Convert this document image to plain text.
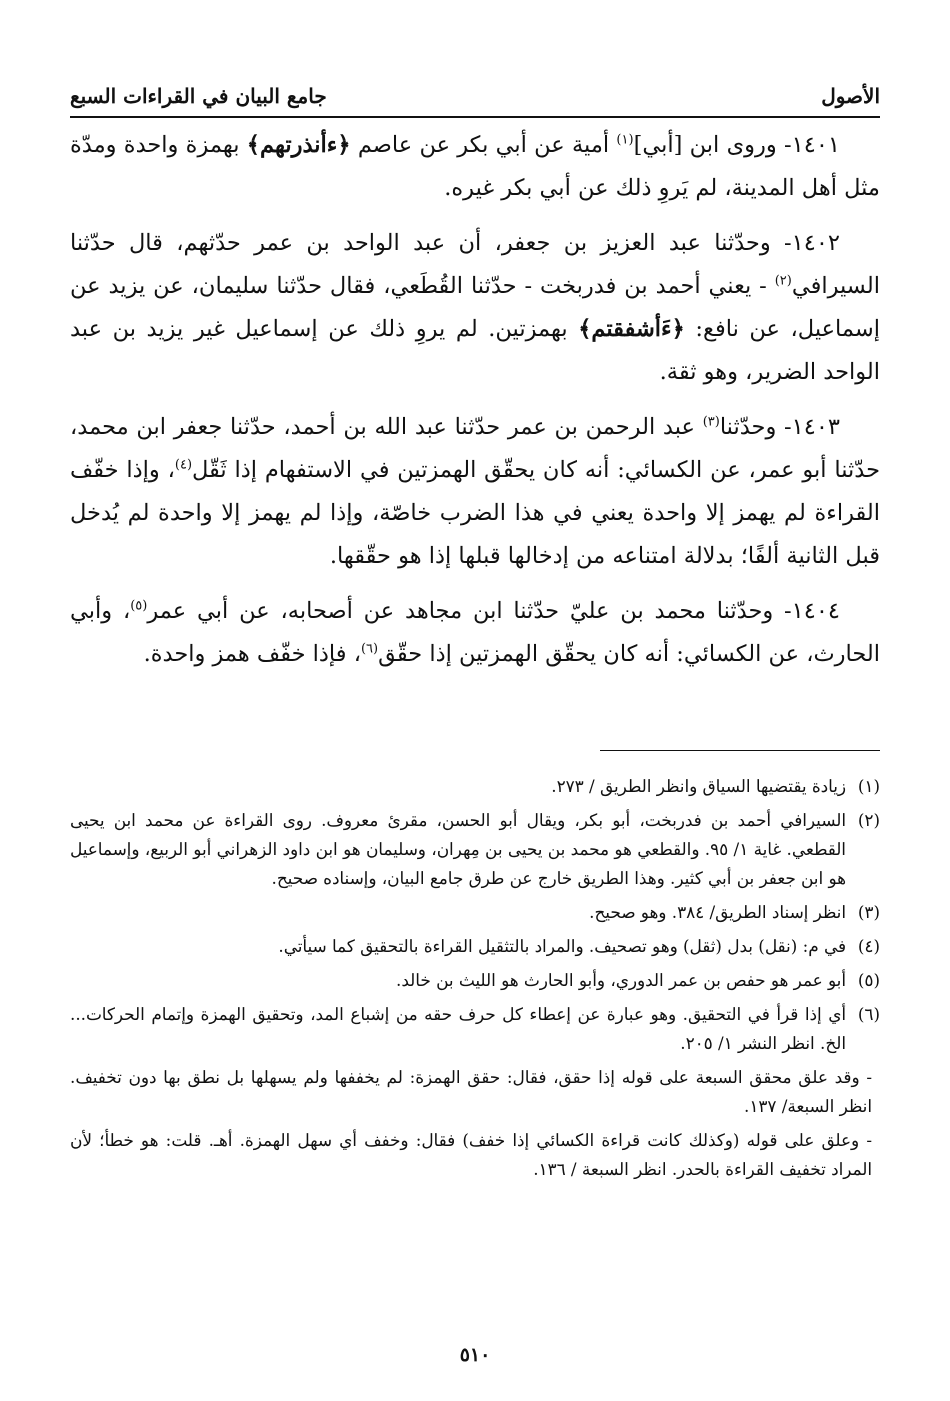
الأصول
جامع البيان في القراءات السبع

١٤٠١- وروى ابن [أبي]$^{(١)}$ أمية عن أبي بكر عن عاصم ﴿ءأنذرتهم﴾ بهمزة واحدة ومدّة مثل أهل المدينة، لم يَروِ ذلك عن أبي بكر غيره.

١٤٠٢- وحدّثنا عبد العزيز بن جعفر، أن عبد الواحد بن عمر حدّثهم، قال حدّثنا السيرافي$^{(٢)}$ - يعني أحمد بن فدربخت - حدّثنا القُطَعي، فقال حدّثنا سليمان، عن يزيد عن إسماعيل، عن نافع: ﴿ءَأشفقتم﴾ بهمزتين. لم يروِ ذلك عن إسماعيل غير يزيد بن عبد الواحد الضرير، وهو ثقة.

١٤٠٣- وحدّثنا$^{(٣)}$ عبد الرحمن بن عمر حدّثنا عبد الله بن أحمد، حدّثنا جعفر ابن محمد، حدّثنا أبو عمر، عن الكسائي: أنه كان يحقّق الهمزتين في الاستفهام إذا ثَقّل$^{(٤)}$، وإذا خفّف القراءة لم يهمز إلا واحدة يعني في هذا الضرب خاصّة، وإذا لم يهمز إلا واحدة لم يُدخل قبل الثانية ألفًا؛ بدلالة امتناعه من إدخالها قبلها إذا هو حقّقها.

١٤٠٤- وحدّثنا محمد بن عليّ حدّثنا ابن مجاهد عن أصحابه، عن أبي عمر$^{(٥)}$، وأبي الحارث، عن الكسائي: أنه كان يحقّق الهمزتين إذا حقّق$^{(٦)}$، فإذا خفّف همز واحدة.

(١)
زيادة يقتضيها السياق وانظر الطريق / ٢٧٣.
(٢)
السيرافي أحمد بن فدربخت، أبو بكر، ويقال أبو الحسن، مقرئ معروف. روى القراءة عن محمد ابن يحيى القطعي. غاية ١/ ٩٥. والقطعي هو محمد بن يحيى بن مِهران، وسليمان هو ابن داود الزهراني أبو الربيع، وإسماعيل هو ابن جعفر بن أبي كثير. وهذا الطريق خارج عن طرق جامع البيان، وإسناده صحيح.
(٣)
انظر إسناد الطريق/ ٣٨٤. وهو صحيح.
(٤)
في م: (نقل) بدل (ثقل) وهو تصحيف. والمراد بالتثقيل القراءة بالتحقيق كما سيأتي.
(٥)
أبو عمر هو حفص بن عمر الدوري، وأبو الحارث هو الليث بن خالد.
(٦)
أي إذا قرأ في التحقيق. وهو عبارة عن إعطاء كل حرف حقه من إشباع المد، وتحقيق الهمزة وإتمام الحركات... الخ. انظر النشر ١/ ٢٠٥.
- وقد علق محقق السبعة على قوله إذا حقق، فقال: حقق الهمزة: لم يخففها ولم يسهلها بل نطق بها دون تخفيف. انظر السبعة/ ١٣٧.
- وعلق على قوله (وكذلك كانت قراءة الكسائي إذا خفف) فقال: وخفف أي سهل الهمزة. أهـ. قلت: هو خطأ؛ لأن المراد تخفيف القراءة بالحدر. انظر السبعة / ١٣٦.
٥١٠
